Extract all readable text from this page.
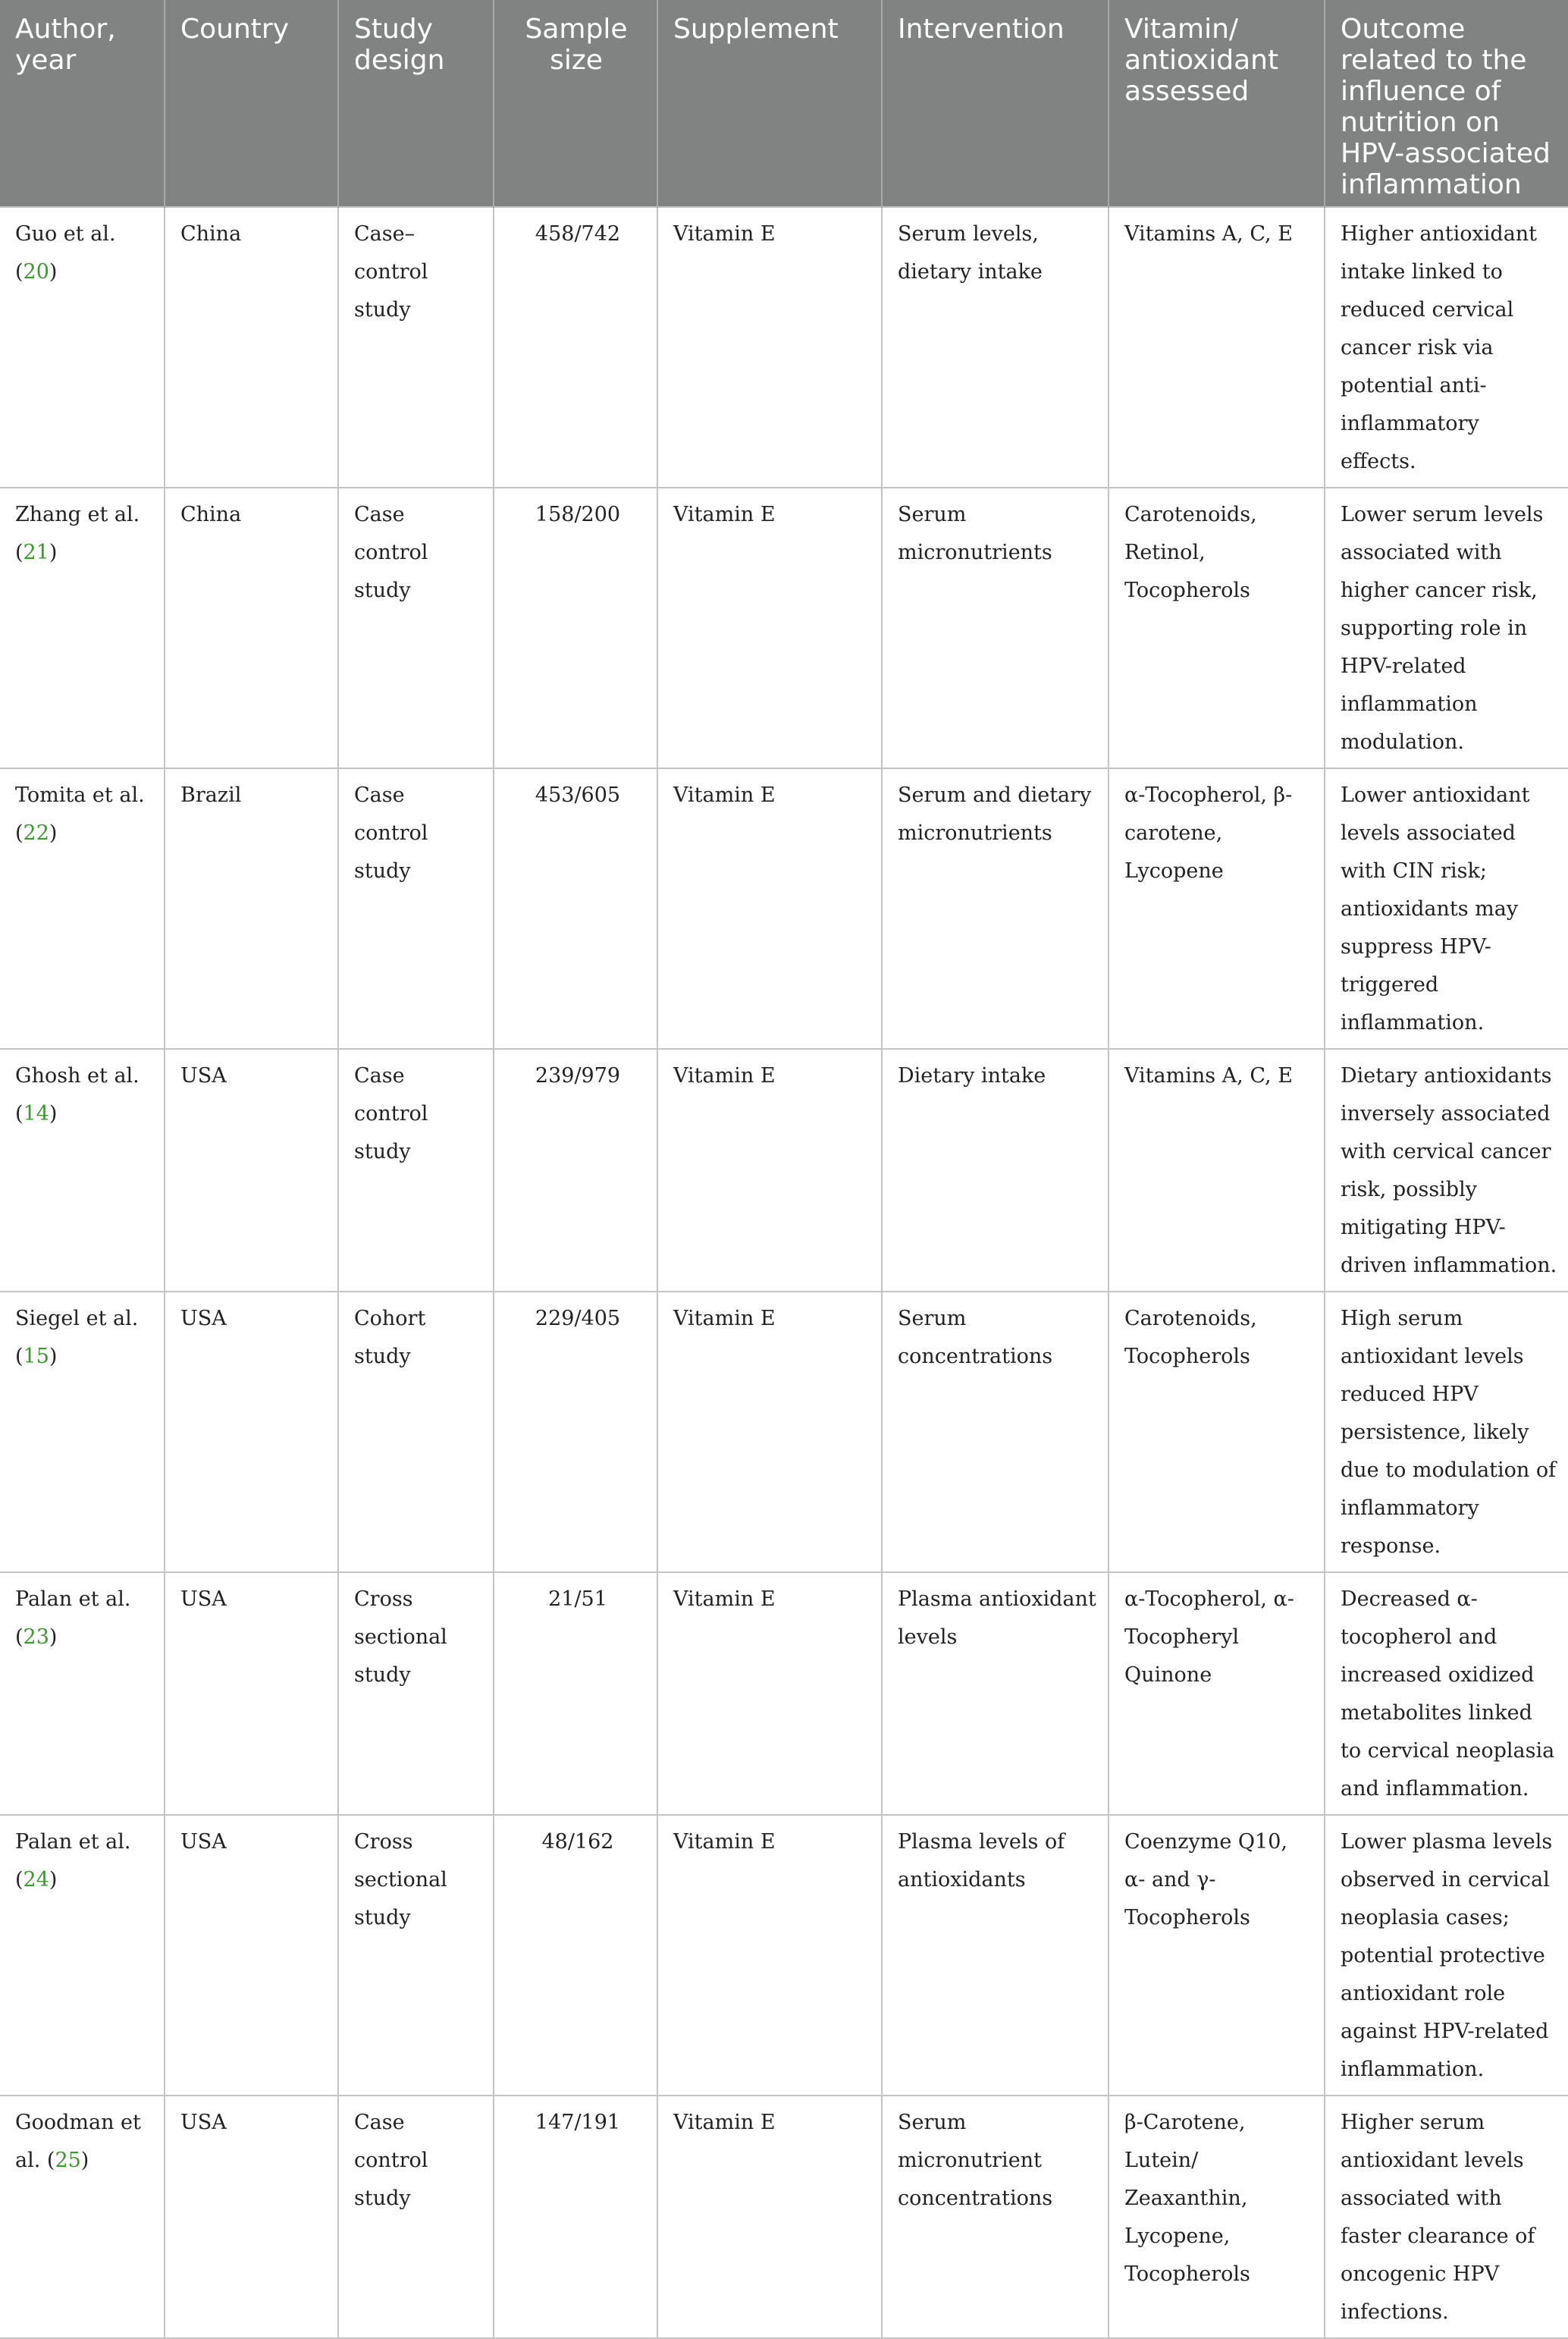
Author, year	Country	Study design	Sample size	Supplement	Intervention	Vitamin/ antioxidant assessed	Outcome related to the influence of nutrition on HPV-associated inflammation
Guo et al. (20)	China	Case–control study	458/742	Vitamin E	Serum levels, dietary intake	Vitamins A, C, E	Higher antioxidant intake linked to reduced cervical cancer risk via potential anti-inflammatory effects.
Zhang et al. (21)	China	Case control study	158/200	Vitamin E	Serum micronutrients	Carotenoids, Retinol, Tocopherols	Lower serum levels associated with higher cancer risk, supporting role in HPV-related inflammation modulation.
Tomita et al. (22)	Brazil	Case control study	453/605	Vitamin E	Serum and dietary micronutrients	α-Tocopherol, β-carotene, Lycopene	Lower antioxidant levels associated with CIN risk; antioxidants may suppress HPV-triggered inflammation.
Ghosh et al. (14)	USA	Case control study	239/979	Vitamin E	Dietary intake	Vitamins A, C, E	Dietary antioxidants inversely associated with cervical cancer risk, possibly mitigating HPV-driven inflammation.
Siegel et al. (15)	USA	Cohort study	229/405	Vitamin E	Serum concentrations	Carotenoids, Tocopherols	High serum antioxidant levels reduced HPV persistence, likely due to modulation of inflammatory response.
Palan et al. (23)	USA	Cross sectional study	21/51	Vitamin E	Plasma antioxidant levels	α-Tocopherol, α-Tocopheryl Quinone	Decreased α-tocopherol and increased oxidized metabolites linked to cervical neoplasia and inflammation.
Palan et al. (24)	USA	Cross sectional study	48/162	Vitamin E	Plasma levels of antioxidants	Coenzyme Q10, α- and γ-Tocopherols	Lower plasma levels observed in cervical neoplasia cases; potential protective antioxidant role against HPV-related inflammation.
Goodman et al. (25)	USA	Case control study	147/191	Vitamin E	Serum micronutrient concentrations	β-Carotene, Lutein/ Zeaxanthin, Lycopene, Tocopherols	Higher serum antioxidant levels associated with faster clearance of oncogenic HPV infections.
